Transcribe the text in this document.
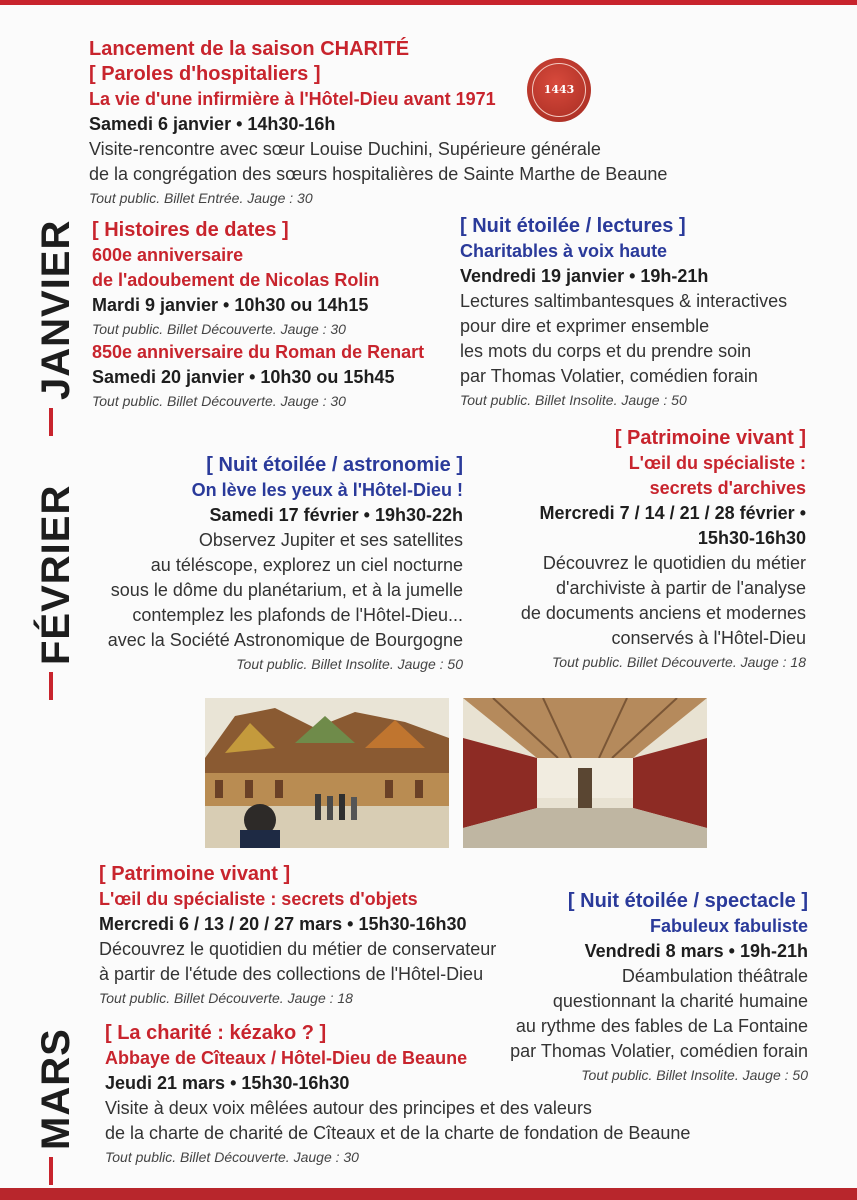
JANVIER
FÉVRIER
MARS
1443
Lancement de la saison CHARITÉ
[ Paroles d'hospitaliers ]
La vie d'une infirmière à l'Hôtel-Dieu avant 1971
Samedi 6 janvier • 14h30-16h
Visite-rencontre avec sœur Louise Duchini, Supérieure générale
de la congrégation des sœurs hospitalières de Sainte Marthe de Beaune
Tout public. Billet Entrée. Jauge : 30
[ Histoires de dates ]
600e anniversaire
de l'adoubement de Nicolas Rolin
Mardi 9 janvier • 10h30 ou 14h15
Tout public. Billet Découverte. Jauge : 30
850e anniversaire du Roman de Renart
Samedi 20 janvier • 10h30 ou 15h45
Tout public. Billet Découverte. Jauge : 30
[ Nuit étoilée / lectures ]
Charitables à voix haute
Vendredi 19 janvier • 19h-21h
Lectures saltimbantesques & interactives
pour dire et exprimer ensemble
les mots du corps et du prendre soin
par Thomas Volatier, comédien forain
Tout public. Billet Insolite. Jauge : 50
[ Nuit étoilée / astronomie ]
On lève les yeux à l'Hôtel-Dieu !
Samedi 17 février • 19h30-22h
Observez Jupiter et ses satellites
au téléscope, explorez un ciel nocturne
sous le dôme du planétarium, et à la jumelle
contemplez les plafonds de l'Hôtel-Dieu...
avec la Société Astronomique de Bourgogne
Tout public. Billet Insolite. Jauge : 50
[ Patrimoine vivant ]
L'œil du spécialiste :
secrets d'archives
Mercredi 7 / 14 / 21 / 28 février •
15h30-16h30
Découvrez le quotidien du métier
d'archiviste à partir de l'analyse
de documents anciens et modernes
conservés à l'Hôtel-Dieu
Tout public. Billet Découverte. Jauge : 18
[ Patrimoine vivant ]
L'œil du spécialiste : secrets d'objets
Mercredi 6 / 13 / 20 / 27 mars • 15h30-16h30
Découvrez le quotidien du métier de conservateur
à partir de l'étude des collections de l'Hôtel-Dieu
Tout public. Billet Découverte. Jauge : 18
[ Nuit étoilée / spectacle ]
Fabuleux fabuliste
Vendredi 8 mars • 19h-21h
Déambulation théâtrale
questionnant la charité humaine
au rythme des fables de La Fontaine
par Thomas Volatier, comédien forain
Tout public. Billet Insolite. Jauge : 50
[ La charité : kézako ? ]
Abbaye de Cîteaux / Hôtel-Dieu de Beaune
Jeudi 21 mars • 15h30-16h30
Visite à deux voix mêlées autour des principes et des valeurs
de la charte de charité de Cîteaux et de la charte de fondation de Beaune
Tout public. Billet Découverte. Jauge : 30
